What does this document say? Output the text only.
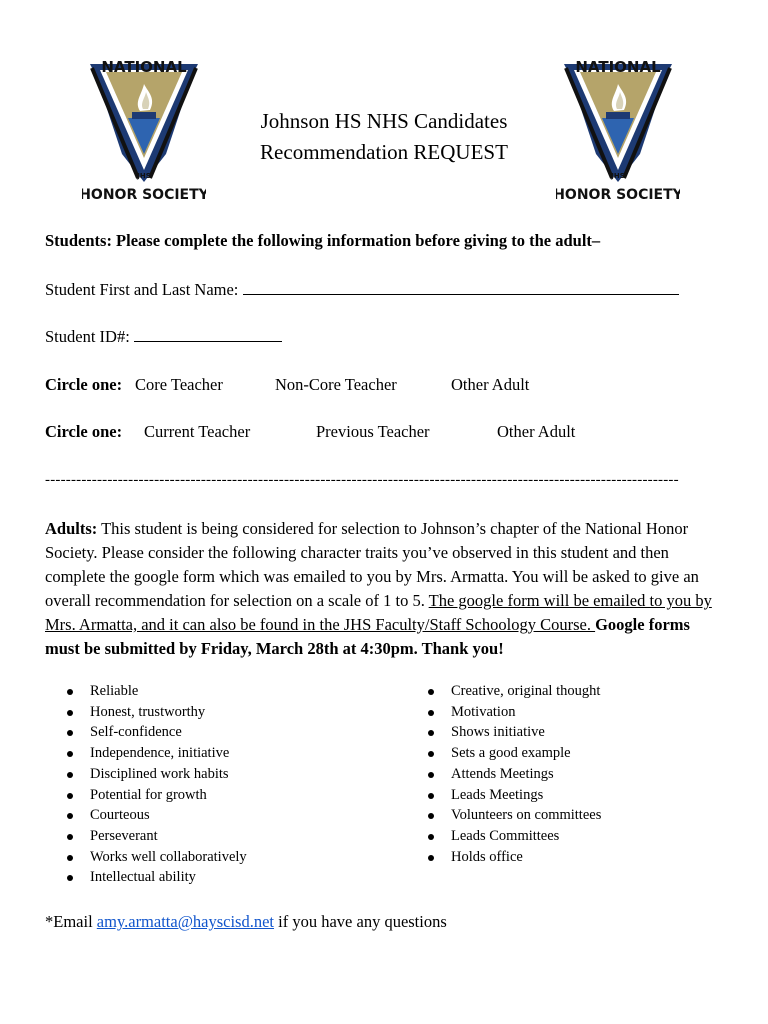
NATIONAL
JHS
HONOR SOCIETY
Johnson HS NHS Candidates
Recommendation REQUEST
NATIONAL
JHS
HONOR SOCIETY
Students: Please complete the following information before giving to the adult–
Student First and Last Name:
Student ID#:
Circle one: Core Teacher	Non-Core Teacher	Other Adult
Circle one: Current Teacher	Previous Teacher	Other Adult
--------------------------------------------------------------------------------------------------------------------------
Adults: This student is being considered for selection to Johnson’s chapter of the National Honor Society. Please consider the following character traits you’ve observed in this student and then complete the google form which was emailed to you by Mrs. Armatta. You will be asked to give an overall recommendation for selection on a scale of 1 to 5. The google form will be emailed to you by Mrs. Armatta, and it can also be found in the JHS Faculty/Staff Schoology Course. Google forms must be submitted by Friday, March 28th at 4:30pm. Thank you!
Reliable
Honest, trustworthy
Self-confidence
Independence, initiative
Disciplined work habits
Potential for growth
Courteous
Perseverant
Works well collaboratively
Intellectual ability
Creative, original thought
Motivation
Shows initiative
Sets a good example
Attends Meetings
Leads Meetings
Volunteers on committees
Leads Committees
Holds office
*Email amy.armatta@hayscisd.net if you have any questions
